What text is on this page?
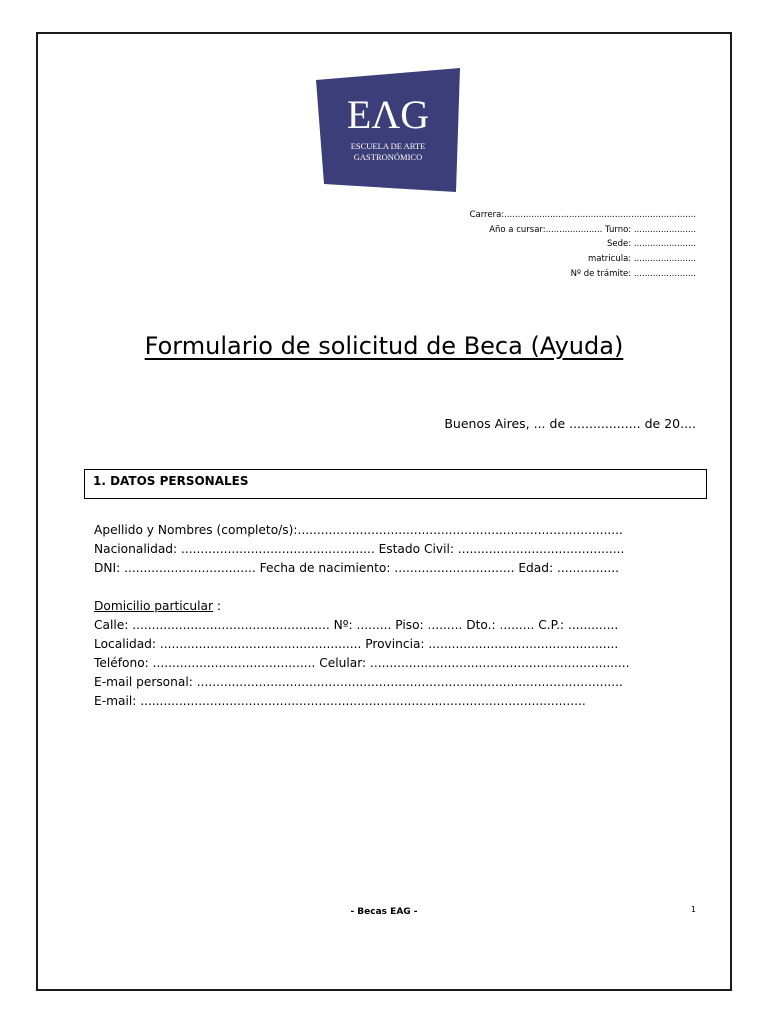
EΛG
ESCUELA DE ARTE
GASTRONÓMICO
Carrera:.......................................................................
Año a cursar:..................... Turno: .......................
Sede: .......................
matricula: .......................
Nº de trámite: .......................
Formulario de solicitud de Beca (Ayuda)
Buenos Aires, ... de .................. de 20....
1. DATOS PERSONALES
Apellido y Nombres (completo/s):....................................................................................
Nacionalidad: .................................................. Estado Civil: ...........................................
DNI: .................................. Fecha de nacimiento: ............................... Edad: ................
Domicilio particular :
Calle: ................................................... Nº: ......... Piso: ......... Dto.: ......... C.P.: .............
Localidad: .................................................... Provincia: .................................................
Teléfono: .......................................... Celular: ...................................................................
E-mail personal: ..............................................................................................................
E-mail: ...................................................................................................................
- Becas EAG -	1
